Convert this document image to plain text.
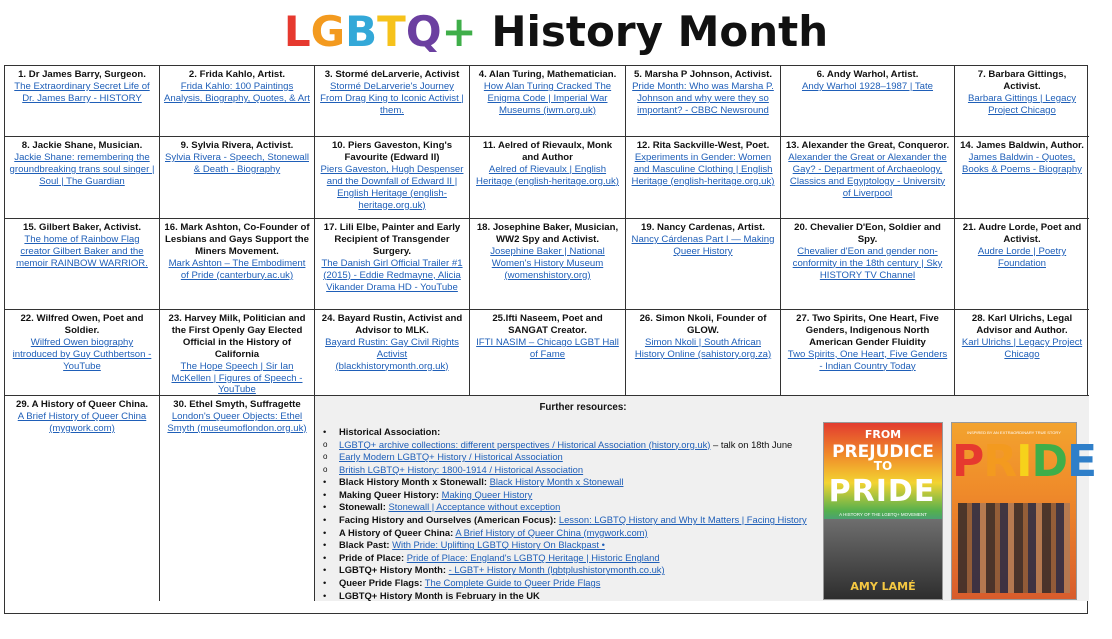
LGBTQ+ History Month
1. Dr James Barry, Surgeon.
The Extraordinary Secret Life of Dr. James Barry - HISTORY
2. Frida Kahlo, Artist.
Frida Kahlo: 100 Paintings Analysis, Biography, Quotes, & Art
3. Stormé deLarverie, Activist
Stormé DeLarverie's Journey From Drag King to Iconic Activist | them.
4. Alan Turing, Mathematician.
How Alan Turing Cracked The Enigma Code | Imperial War Museums (iwm.org.uk)
5. Marsha P Johnson, Activist.
Pride Month: Who was Marsha P. Johnson and why were they so important? - CBBC Newsround
6. Andy Warhol, Artist.
Andy Warhol 1928–1987 | Tate
7. Barbara Gittings, Activist.
Barbara Gittings | Legacy Project Chicago
8. Jackie Shane, Musician.
Jackie Shane: remembering the groundbreaking trans soul singer | Soul | The Guardian
9. Sylvia Rivera, Activist.
Sylvia Rivera - Speech, Stonewall & Death - Biography
10. Piers Gaveston, King's Favourite (Edward II)
Piers Gaveston, Hugh Despenser and the Downfall of Edward II | English Heritage (english-heritage.org.uk)
11. Aelred of Rievaulx, Monk and Author
Aelred of Rievaulx | English Heritage (english-heritage.org.uk)
12. Rita Sackville-West, Poet.
Experiments in Gender: Women and Masculine Clothing | English Heritage (english-heritage.org.uk)
13. Alexander the Great, Conqueror.
Alexander the Great or Alexander the Gay? - Department of Archaeology, Classics and Egyptology - University of Liverpool
14. James Baldwin, Author.
James Baldwin - Quotes, Books & Poems - Biography
15. Gilbert Baker, Activist.
The home of Rainbow Flag creator Gilbert Baker and the memoir RAINBOW WARRIOR.
16. Mark Ashton, Co-Founder of Lesbians and Gays Support the Miners Movement.
Mark Ashton – The Embodiment of Pride (canterbury.ac.uk)
17. Lili Elbe, Painter and Early Recipient of Transgender Surgery.
The Danish Girl Official Trailer #1 (2015) - Eddie Redmayne, Alicia Vikander Drama HD - YouTube
18. Josephine Baker, Musician, WW2 Spy and Activist.
Josephine Baker | National Women's History Museum (womenshistory.org)
19. Nancy Cardenas, Artist.
Nancy Cárdenas Part I — Making Queer History
20. Chevalier D'Eon, Soldier and Spy.
Chevalier d'Eon and gender non-conformity in the 18th century | Sky HISTORY TV Channel
21. Audre Lorde, Poet and Activist.
Audre Lorde | Poetry Foundation
22. Wilfred Owen, Poet and Soldier.
Wilfred Owen biography introduced by Guy Cuthbertson - YouTube
23. Harvey Milk, Politician and the First Openly Gay Elected Official in the History of California
The Hope Speech | Sir Ian McKellen | Figures of Speech - YouTube
24. Bayard Rustin, Activist and Advisor to MLK.
Bayard Rustin: Gay Civil Rights Activist (blackhistorymonth.org.uk)
25.Ifti Naseem, Poet and SANGAT Creator.
IFTI NASIM – Chicago LGBT Hall of Fame
26. Simon Nkoli, Founder of GLOW.
Simon Nkoli | South African History Online (sahistory.org.za)
27. Two Spirits, One Heart, Five Genders, Indigenous North American Gender Fluidity
Two Spirits, One Heart, Five Genders - Indian Country Today
28. Karl Ulrichs, Legal Advisor and Author.
Karl Ulrichs | Legacy Project Chicago
29. A History of Queer China.
A Brief History of Queer China (mygwork.com)
30. Ethel Smyth, Suffragette
London's Queer Objects: Ethel Smyth (museumoflondon.org.uk)
Further resources:
• Historical Association:
o LGBTQ+ archive collections: different perspectives / Historical Association (history.org.uk) – talk on 18th June
o Early Modern LGBTQ+ History / Historical Association
o British LGBTQ+ History: 1800-1914 / Historical Association
• Black History Month x Stonewall: Black History Month x Stonewall
• Making Queer History: Making Queer History
• Stonewall: Stonewall | Acceptance without exception
• Facing History and Ourselves (American Focus): Lesson: LGBTQ History and Why It Matters | Facing History
• A History of Queer China: A Brief History of Queer China (mygwork.com)
• Black Past: With Pride: Uplifting LGBTQ History On Blackpast •
• Pride of Place: Pride of Place: England's LGBTQ Heritage | Historic England
• LGBTQ+ History Month: - LGBT+ History Month (lgbtplushistorymonth.co.uk)
• Queer Pride Flags: The Complete Guide to Queer Pride Flags
• LGBTQ+ History Month is February in the UK
FROM
PREJUDICE
TO
PRIDE
A HISTORY OF THE LGBTQ+ MOVEMENT
AMY LAMÉ
INSPIRED BY AN EXTRAORDINARY TRUE STORY
PRIDE
